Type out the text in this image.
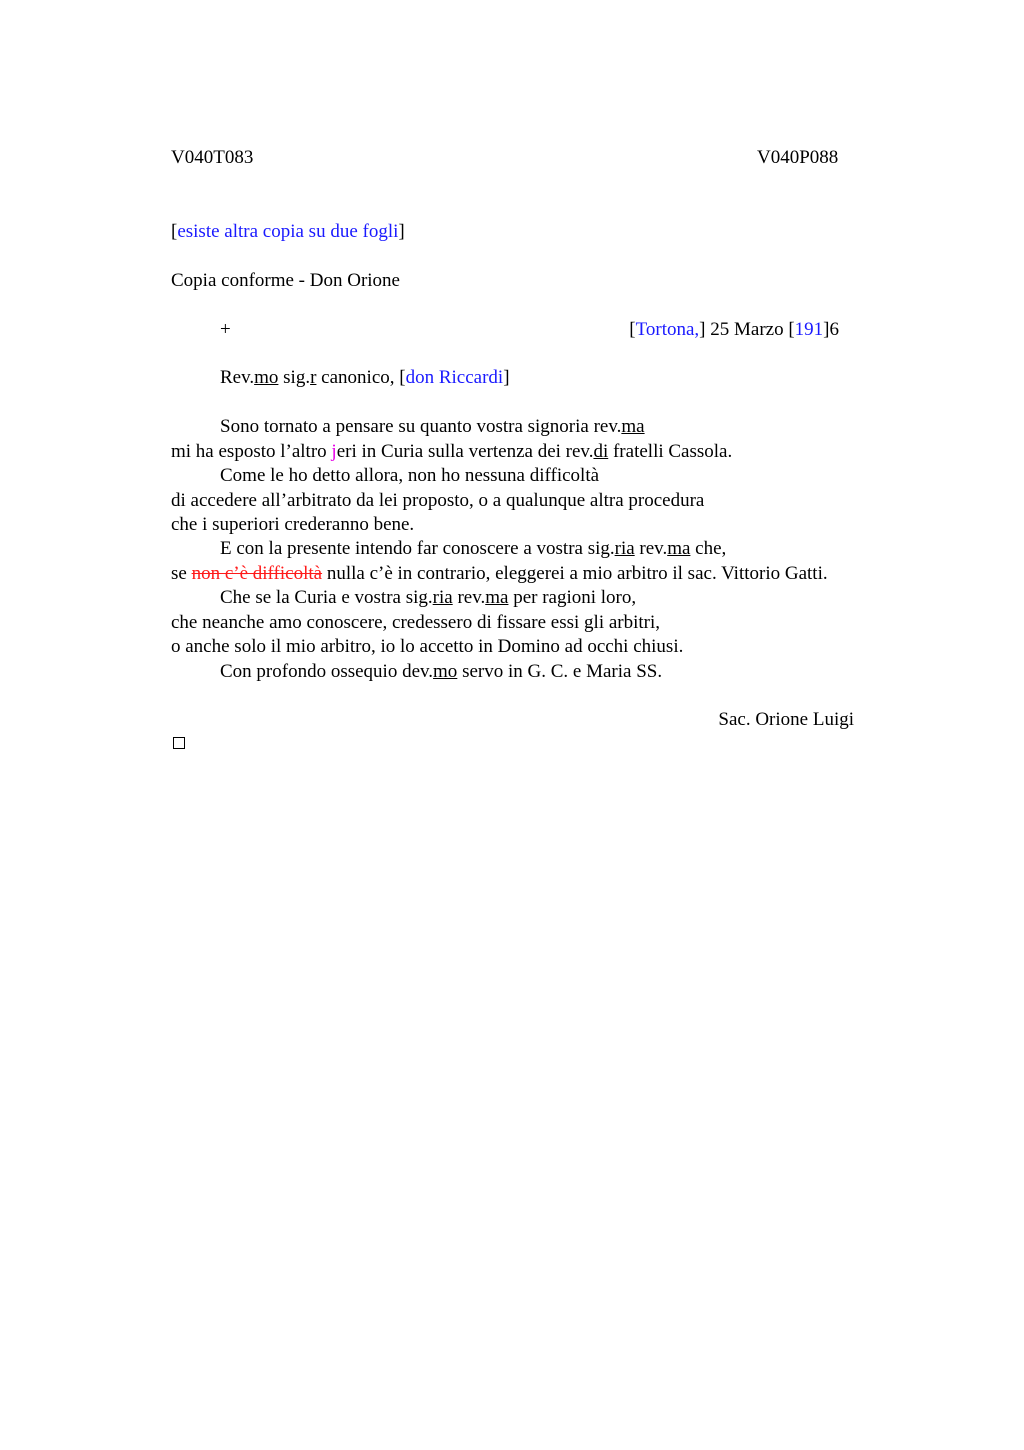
V040T083	V040P088
[esiste altra copia su due fogli]
Copia conforme - Don Orione
+	[Tortona,] 25 Marzo [191]6
Rev.mo sig.r canonico, [don Riccardi]
Sono tornato a pensare su quanto vostra signoria rev.ma
mi ha esposto l’altro jeri in Curia sulla vertenza dei rev.di fratelli Cassola.
Come le ho detto allora, non ho nessuna difficoltà
di accedere all’arbitrato da lei proposto, o a qualunque altra procedura
che i superiori crederanno bene.
E con la presente intendo far conoscere a vostra sig.ria rev.ma che,
se non c’è difficoltà nulla c’è in contrario, eleggerei a mio arbitro il sac. Vittorio Gatti.
Che se la Curia e vostra sig.ria rev.ma per ragioni loro,
che neanche amo conoscere, credessero di fissare essi gli arbitri,
o anche solo il mio arbitro, io lo accetto in Domino ad occhi chiusi.
Con profondo ossequio dev.mo servo in G. C. e Maria SS.
Sac. Orione Luigi
